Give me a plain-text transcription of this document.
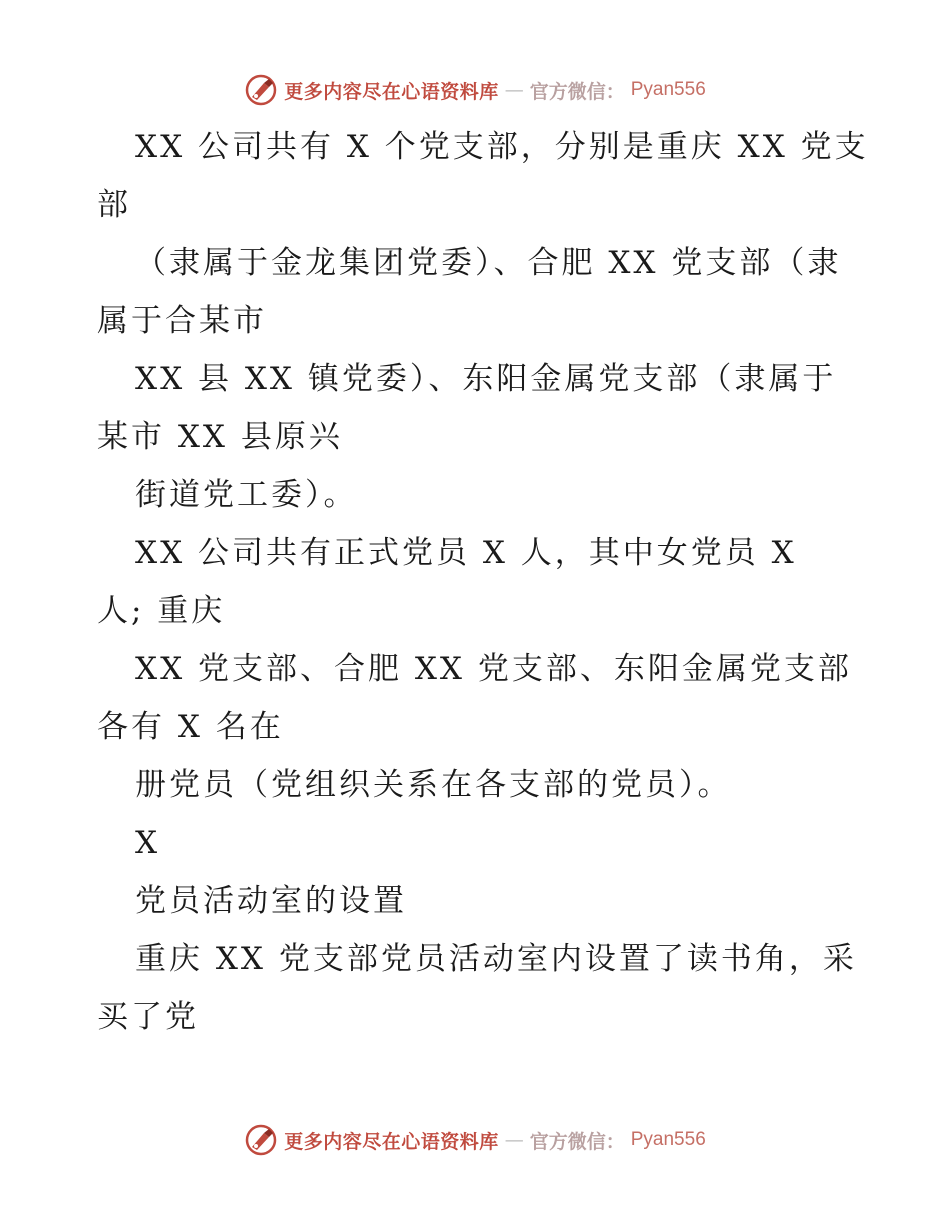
更多内容尽在心语资料库 — 官方微信： Pyan556
XX 公司共有 X 个党支部，分别是重庆 XX 党支
部
（隶属于金龙集团党委）、合肥 XX 党支部（隶
属于合某市
XX 县 XX 镇党委）、东阳金属党支部（隶属于
某市 XX 县原兴
街道党工委）。
XX 公司共有正式党员 X 人，其中女党员 X
人; 重庆
XX 党支部、合肥 XX 党支部、东阳金属党支部
各有 X 名在
册党员（党组织关系在各支部的党员）。
X
党员活动室的设置
重庆 XX 党支部党员活动室内设置了读书角，采
买了党
更多内容尽在心语资料库 — 官方微信： Pyan556
